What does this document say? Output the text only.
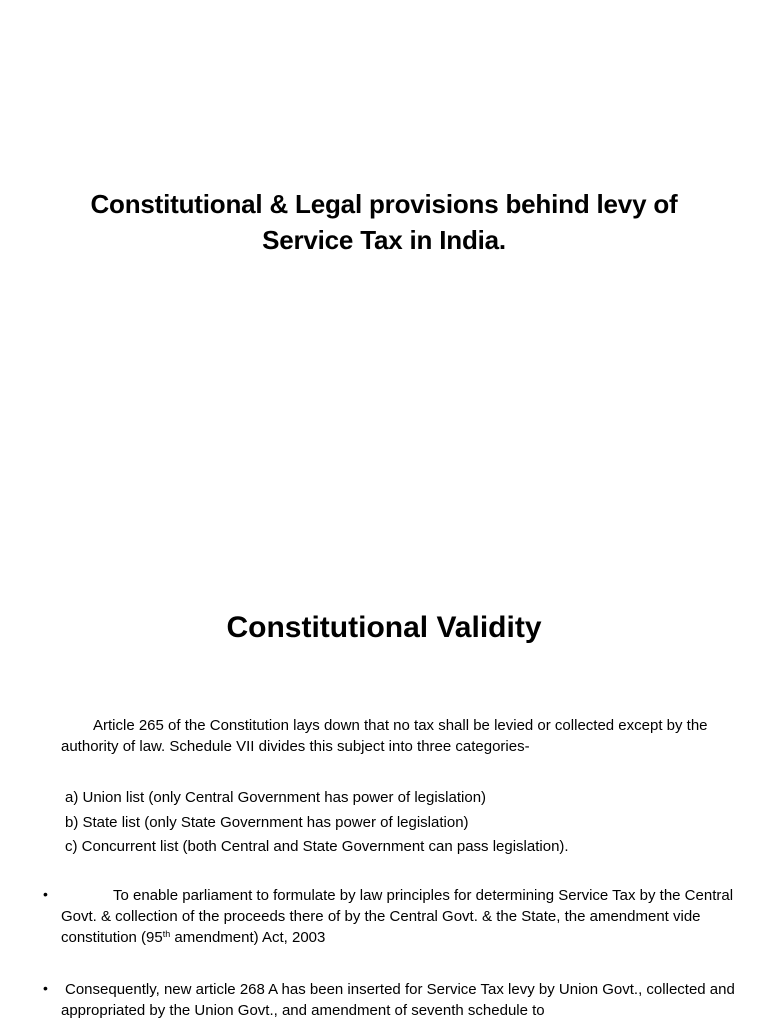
Constitutional & Legal provisions behind levy of
Service Tax in India.
Constitutional Validity
Article 265 of the Constitution lays down that no tax shall be levied or collected except by the authority of law. Schedule VII divides this subject into three categories-
a) Union list (only Central Government has power of legislation)
b) State list (only State Government has power of legislation)
c) Concurrent list (both Central and State Government can pass legislation).
•	To enable parliament to formulate by law principles for determining Service Tax by the Central Govt. & collection of the proceeds there of by the Central Govt. & the State, the amendment vide constitution (95th amendment) Act, 2003
• Consequently, new article 268 A has been inserted for Service Tax levy by Union Govt., collected and appropriated by the Union Govt., and amendment of seventh schedule to
